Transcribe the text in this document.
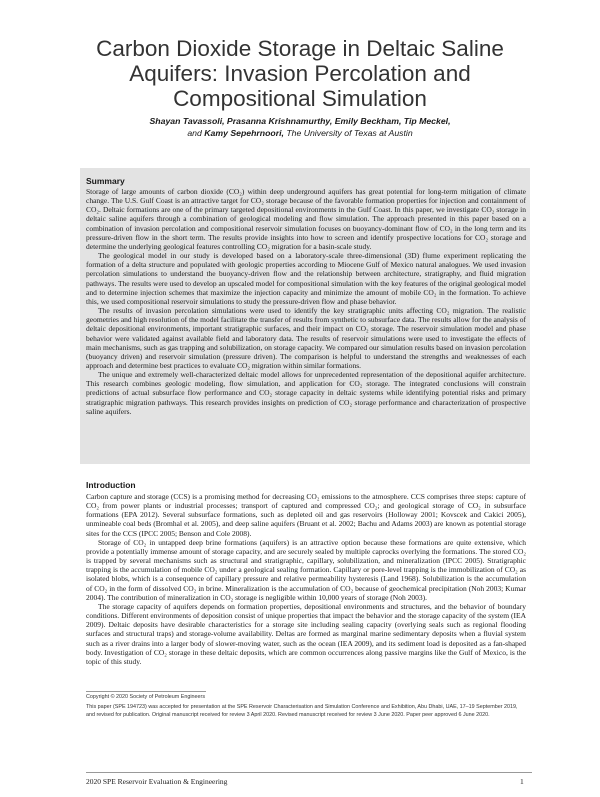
Carbon Dioxide Storage in Deltaic Saline
Aquifers: Invasion Percolation and
Compositional Simulation
Shayan Tavassoli, Prasanna Krishnamurthy, Emily Beckham, Tip Meckel,
and Kamy Sepehrnoori, The University of Texas at Austin
Summary

Storage of large amounts of carbon dioxide (CO₂) within deep underground aquifers has great potential for long-term mitigation of climate change. The U.S. Gulf Coast is an attractive target for CO₂ storage because of the favorable formation properties for injection and containment of CO₂. Deltaic formations are one of the primary targeted depositional environments in the Gulf Coast. In this paper, we investigate CO₂ storage in deltaic saline aquifers through a combination of geological modeling and flow simulation. The approach presented in this paper based on a combination of invasion percolation and compositional reservoir simulation focuses on buoyancy-dominant flow of CO₂ in the long term and its pressure-driven flow in the short term. The results provide insights into how to screen and identify prospective locations for CO₂ storage and determine the underlying geological features controlling CO₂ migration for a basin-scale study.

The geological model in our study is developed based on a laboratory-scale three-dimensional (3D) flume experiment replicating the formation of a delta structure and populated with geologic properties according to Miocene Gulf of Mexico natural analogues. We used invasion percolation simulations to understand the buoyancy-driven flow and the relationship between architecture, stratigraphy, and fluid migration pathways. The results were used to develop an upscaled model for compositional simulation with the key features of the original geological model and to determine injection schemes that maximize the injection capacity and minimize the amount of mobile CO₂ in the formation. To achieve this, we used compositional reservoir simulations to study the pressure-driven flow and phase behavior.

The results of invasion percolation simulations were used to identify the key stratigraphic units affecting CO₂ migration. The realistic geometries and high resolution of the model facilitate the transfer of results from synthetic to subsurface data. The results allow for the analysis of deltaic depositional environments, important stratigraphic surfaces, and their impact on CO₂ storage. The reservoir simulation model and phase behavior were validated against available field and laboratory data. The results of reservoir simulations were used to investigate the effects of main mechanisms, such as gas trapping and solubilization, on storage capacity. We compared our simulation results based on invasion percolation (buoyancy driven) and reservoir simulation (pressure driven). The comparison is helpful to understand the strengths and weaknesses of each approach and determine best practices to evaluate CO₂ migration within similar formations.

The unique and extremely well-characterized deltaic model allows for unprecedented representation of the depositional aquifer architecture. This research combines geologic modeling, flow simulation, and application for CO₂ storage. The integrated conclusions will constrain predictions of actual subsurface flow performance and CO₂ storage capacity in deltaic systems while identifying potential risks and primary stratigraphic migration pathways. This research provides insights on prediction of CO₂ storage performance and characterization of prospective saline aquifers.

Introduction

Carbon capture and storage (CCS) is a promising method for decreasing CO₂ emissions to the atmosphere. CCS comprises three steps: capture of CO₂ from power plants or industrial processes; transport of captured and compressed CO₂; and geological storage of CO₂ in subsurface formations (EPA 2012). Several subsurface formations, such as depleted oil and gas reservoirs (Holloway 2001; Kovscek and Cakici 2005), unmineable coal beds (Bromhal et al. 2005), and deep saline aquifers (Bruant et al. 2002; Bachu and Adams 2003) are known as potential storage sites for the CCS (IPCC 2005; Benson and Cole 2008).

Storage of CO₂ in untapped deep brine formations (aquifers) is an attractive option because these formations are quite extensive, which provide a potentially immense amount of storage capacity, and are securely sealed by multiple caprocks overlying the formations. The stored CO₂ is trapped by several mechanisms such as structural and stratigraphic, capillary, solubilization, and mineralization (IPCC 2005). Stratigraphic trapping is the accumulation of mobile CO₂ under a geological sealing formation. Capillary or pore-level trapping is the immobilization of CO₂ as isolated blobs, which is a consequence of capillary pressure and relative permeability hysteresis (Land 1968). Solubilization is the accumulation of CO₂ in the form of dissolved CO₂ in brine. Mineralization is the accumulation of CO₂ because of geochemical precipitation (Noh 2003; Kumar 2004). The contribution of mineralization in CO₂ storage is negligible within 10,000 years of storage (Noh 2003).

The storage capacity of aquifers depends on formation properties, depositional environments and structures, and the behavior of boundary conditions. Different environments of deposition consist of unique properties that impact the behavior and the storage capacity of the system (IEA 2009). Deltaic deposits have desirable characteristics for a storage site including sealing capacity (overlying seals such as regional flooding surfaces and structural traps) and storage-volume availability. Deltas are formed as marginal marine sedimentary deposits when a fluvial system such as a river drains into a larger body of slower-moving water, such as the ocean (IEA 2009), and its sediment load is deposited as a fan-shaped body. Investigation of CO₂ storage in these deltaic deposits, which are common occurrences along passive margins like the Gulf of Mexico, is the topic of this study.

Copyright © 2020 Society of Petroleum Engineers
This paper (SPE 194723) was accepted for presentation at the SPE Reservoir Characterisation and Simulation Conference and Exhibition, Abu Dhabi, UAE, 17–19 September 2019, and revised for publication. Original manuscript received for review 3 April 2020. Revised manuscript received for review 3 June 2020. Paper peer approved 6 June 2020.
2020 SPE Reservoir Evaluation & Engineering	1
